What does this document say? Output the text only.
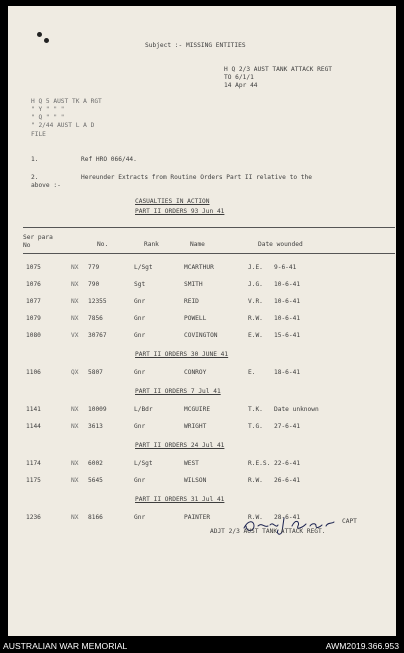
Subject :- MISSING ENTITIES
H Q 2/3 AUST TANK ATTACK REGT
TO 6/1/1
14 Apr 44
H Q 5 AUST TK A RGT
" Y " " "
" Q " " "
" 2/44 AUST L A D
FILE
1.	Ref HRO 066/44.
2.	Hereunder Extracts from Routine Orders Part II relative to the
above :-
CASUALTIES IN ACTION
PART II ORDERS 93 Jun 41
Ser para No	No.	Rank	Name	Date wounded
1075	NX 779	L/Sgt	MCARTHUR	J.E. 9-6-41
1076	NX 790	Sgt	SMITH	J.G. 10-6-41
1077	NX 12355	Gnr	REID	V.R. 10-6-41
1079	NX 7856	Gnr	POWELL	R.W. 10-6-41
1080	VX 30767	Gnr	COVINGTON	E.W. 15-6-41
PART II ORDERS 30 JUNE 41
1106	QX 5807	Gnr	CONROY	E.	18-6-41
PART II ORDERS 7 Jul 41
1141	NX 10009	L/Bdr	MCGUIRE	T.K. Date unknown
1144	NX 3613	Gnr	WRIGHT	T.G. 27-6-41
PART II ORDERS 24 Jul 41
1174	NX 6002	L/Sgt	WEST	R.E.S. 22-6-41
1175	NX 5645	Gnr	WILSON	R.W. 26-6-41
PART II ORDERS 31 Jul 41
1236	NX 8166	Gnr	PAINTER	R.W. 28-6-41
CAPT
ADJT 2/3 AUST TANK ATTACK REGT.
AUSTRALIAN WAR MEMORIAL	AWM2019.366.953
